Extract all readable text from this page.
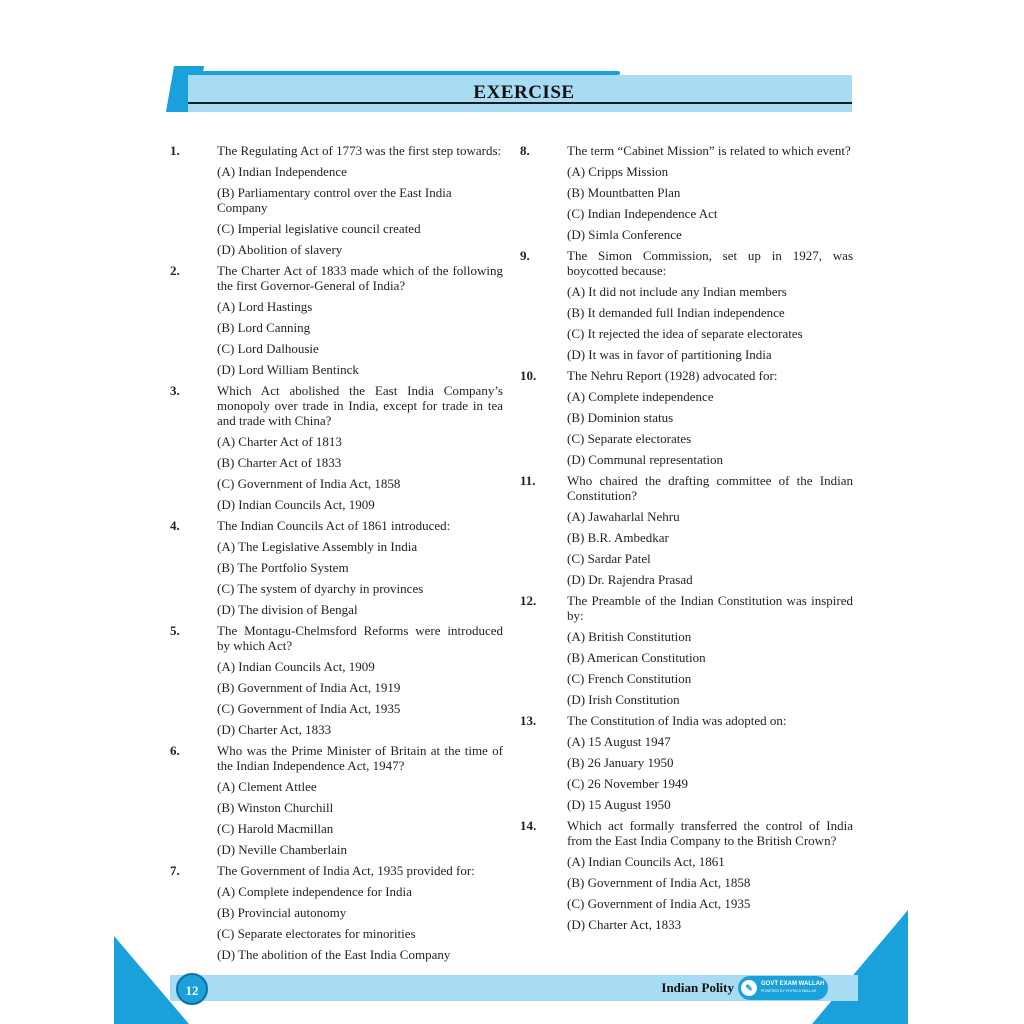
EXERCISE
1.	The Regulating Act of 1773 was the first step towards:
(A) Indian Independence
(B) Parliamentary control over the East India Company
(C) Imperial legislative council created
(D) Abolition of slavery
2.	The Charter Act of 1833 made which of the following the first Governor-General of India?
(A) Lord Hastings
(B) Lord Canning
(C) Lord Dalhousie
(D) Lord William Bentinck
3.	Which Act abolished the East India Company’s monopoly over trade in India, except for trade in tea and trade with China?
(A) Charter Act of 1813
(B) Charter Act of 1833
(C) Government of India Act, 1858
(D) Indian Councils Act, 1909
4.	The Indian Councils Act of 1861 introduced:
(A) The Legislative Assembly in India
(B) The Portfolio System
(C) The system of dyarchy in provinces
(D) The division of Bengal
5.	The Montagu-Chelmsford Reforms were introduced by which Act?
(A) Indian Councils Act, 1909
(B) Government of India Act, 1919
(C) Government of India Act, 1935
(D) Charter Act, 1833
6.	Who was the Prime Minister of Britain at the time of the Indian Independence Act, 1947?
(A) Clement Attlee
(B) Winston Churchill
(C) Harold Macmillan
(D) Neville Chamberlain
7.	The Government of India Act, 1935 provided for:
(A) Complete independence for India
(B) Provincial autonomy
(C) Separate electorates for minorities
(D) The abolition of the East India Company
8.	The term “Cabinet Mission” is related to which event?
(A) Cripps Mission
(B) Mountbatten Plan
(C) Indian Independence Act
(D) Simla Conference
9.	The Simon Commission, set up in 1927, was boycotted because:
(A) It did not include any Indian members
(B) It demanded full Indian independence
(C) It rejected the idea of separate electorates
(D) It was in favor of partitioning India
10. The Nehru Report (1928) advocated for:
(A) Complete independence
(B) Dominion status
(C) Separate electorates
(D) Communal representation
11. Who chaired the drafting committee of the Indian Constitution?
(A) Jawaharlal Nehru
(B) B.R. Ambedkar
(C) Sardar Patel
(D) Dr. Rajendra Prasad
12. The Preamble of the Indian Constitution was inspired by:
(A) British Constitution
(B) American Constitution
(C) French Constitution
(D) Irish Constitution
13. The Constitution of India was adopted on:
(A) 15 August 1947
(B) 26 January 1950
(C) 26 November 1949
(D) 15 August 1950
14. Which act formally transferred the control of India from the East India Company to the British Crown?
(A) Indian Councils Act, 1861
(B) Government of India Act, 1858
(C) Government of India Act, 1935
(D) Charter Act, 1833
12	Indian Polity	✎	GOVT EXAM WALLAH
POWERED BY PHYSICS WALLAH
